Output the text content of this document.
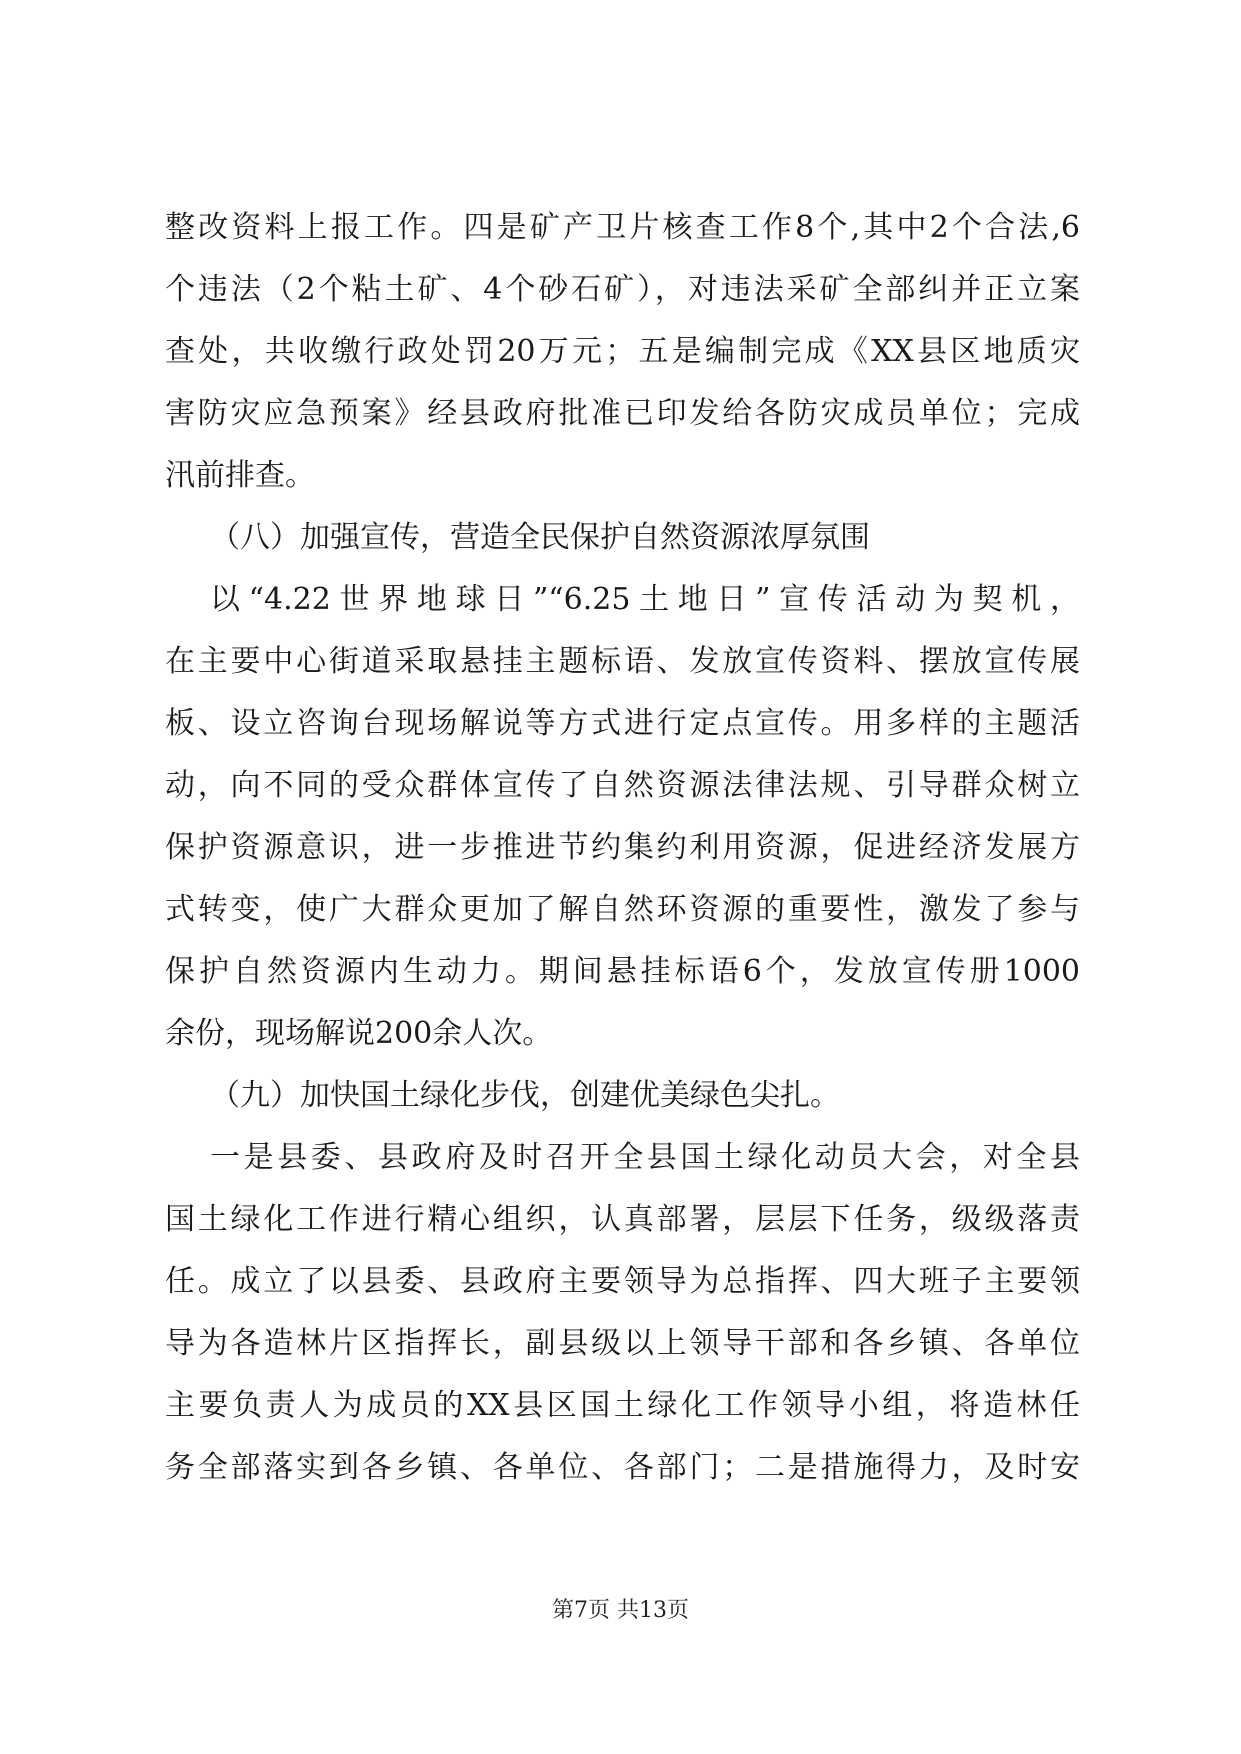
整改资料上报工作。四是矿产卫片核查工作8个,其中2个合法,6
个违法（2个粘土矿、4个砂石矿），对违法采矿全部纠并正立案
查处，共收缴行政处罚20万元；五是编制完成《XX县区地质灾
害防灾应急预案》经县政府批准已印发给各防灾成员单位；完成
汛前排查。
（八）加强宣传，营造全民保护自然资源浓厚氛围
以“4.22世界地球日”“6.25土地日”宣传活动为契机，
在主要中心街道采取悬挂主题标语、发放宣传资料、摆放宣传展
板、设立咨询台现场解说等方式进行定点宣传。用多样的主题活
动，向不同的受众群体宣传了自然资源法律法规、引导群众树立
保护资源意识，进一步推进节约集约利用资源，促进经济发展方
式转变，使广大群众更加了解自然环资源的重要性，激发了参与
保护自然资源内生动力。期间悬挂标语6个，发放宣传册1000
余份，现场解说200余人次。
（九）加快国土绿化步伐，创建优美绿色尖扎。
一是县委、县政府及时召开全县国土绿化动员大会，对全县
国土绿化工作进行精心组织，认真部署，层层下任务，级级落责
任。成立了以县委、县政府主要领导为总指挥、四大班子主要领
导为各造林片区指挥长，副县级以上领导干部和各乡镇、各单位
主要负责人为成员的XX县区国土绿化工作领导小组，将造林任
务全部落实到各乡镇、各单位、各部门；二是措施得力，及时安
第7页 共13页
